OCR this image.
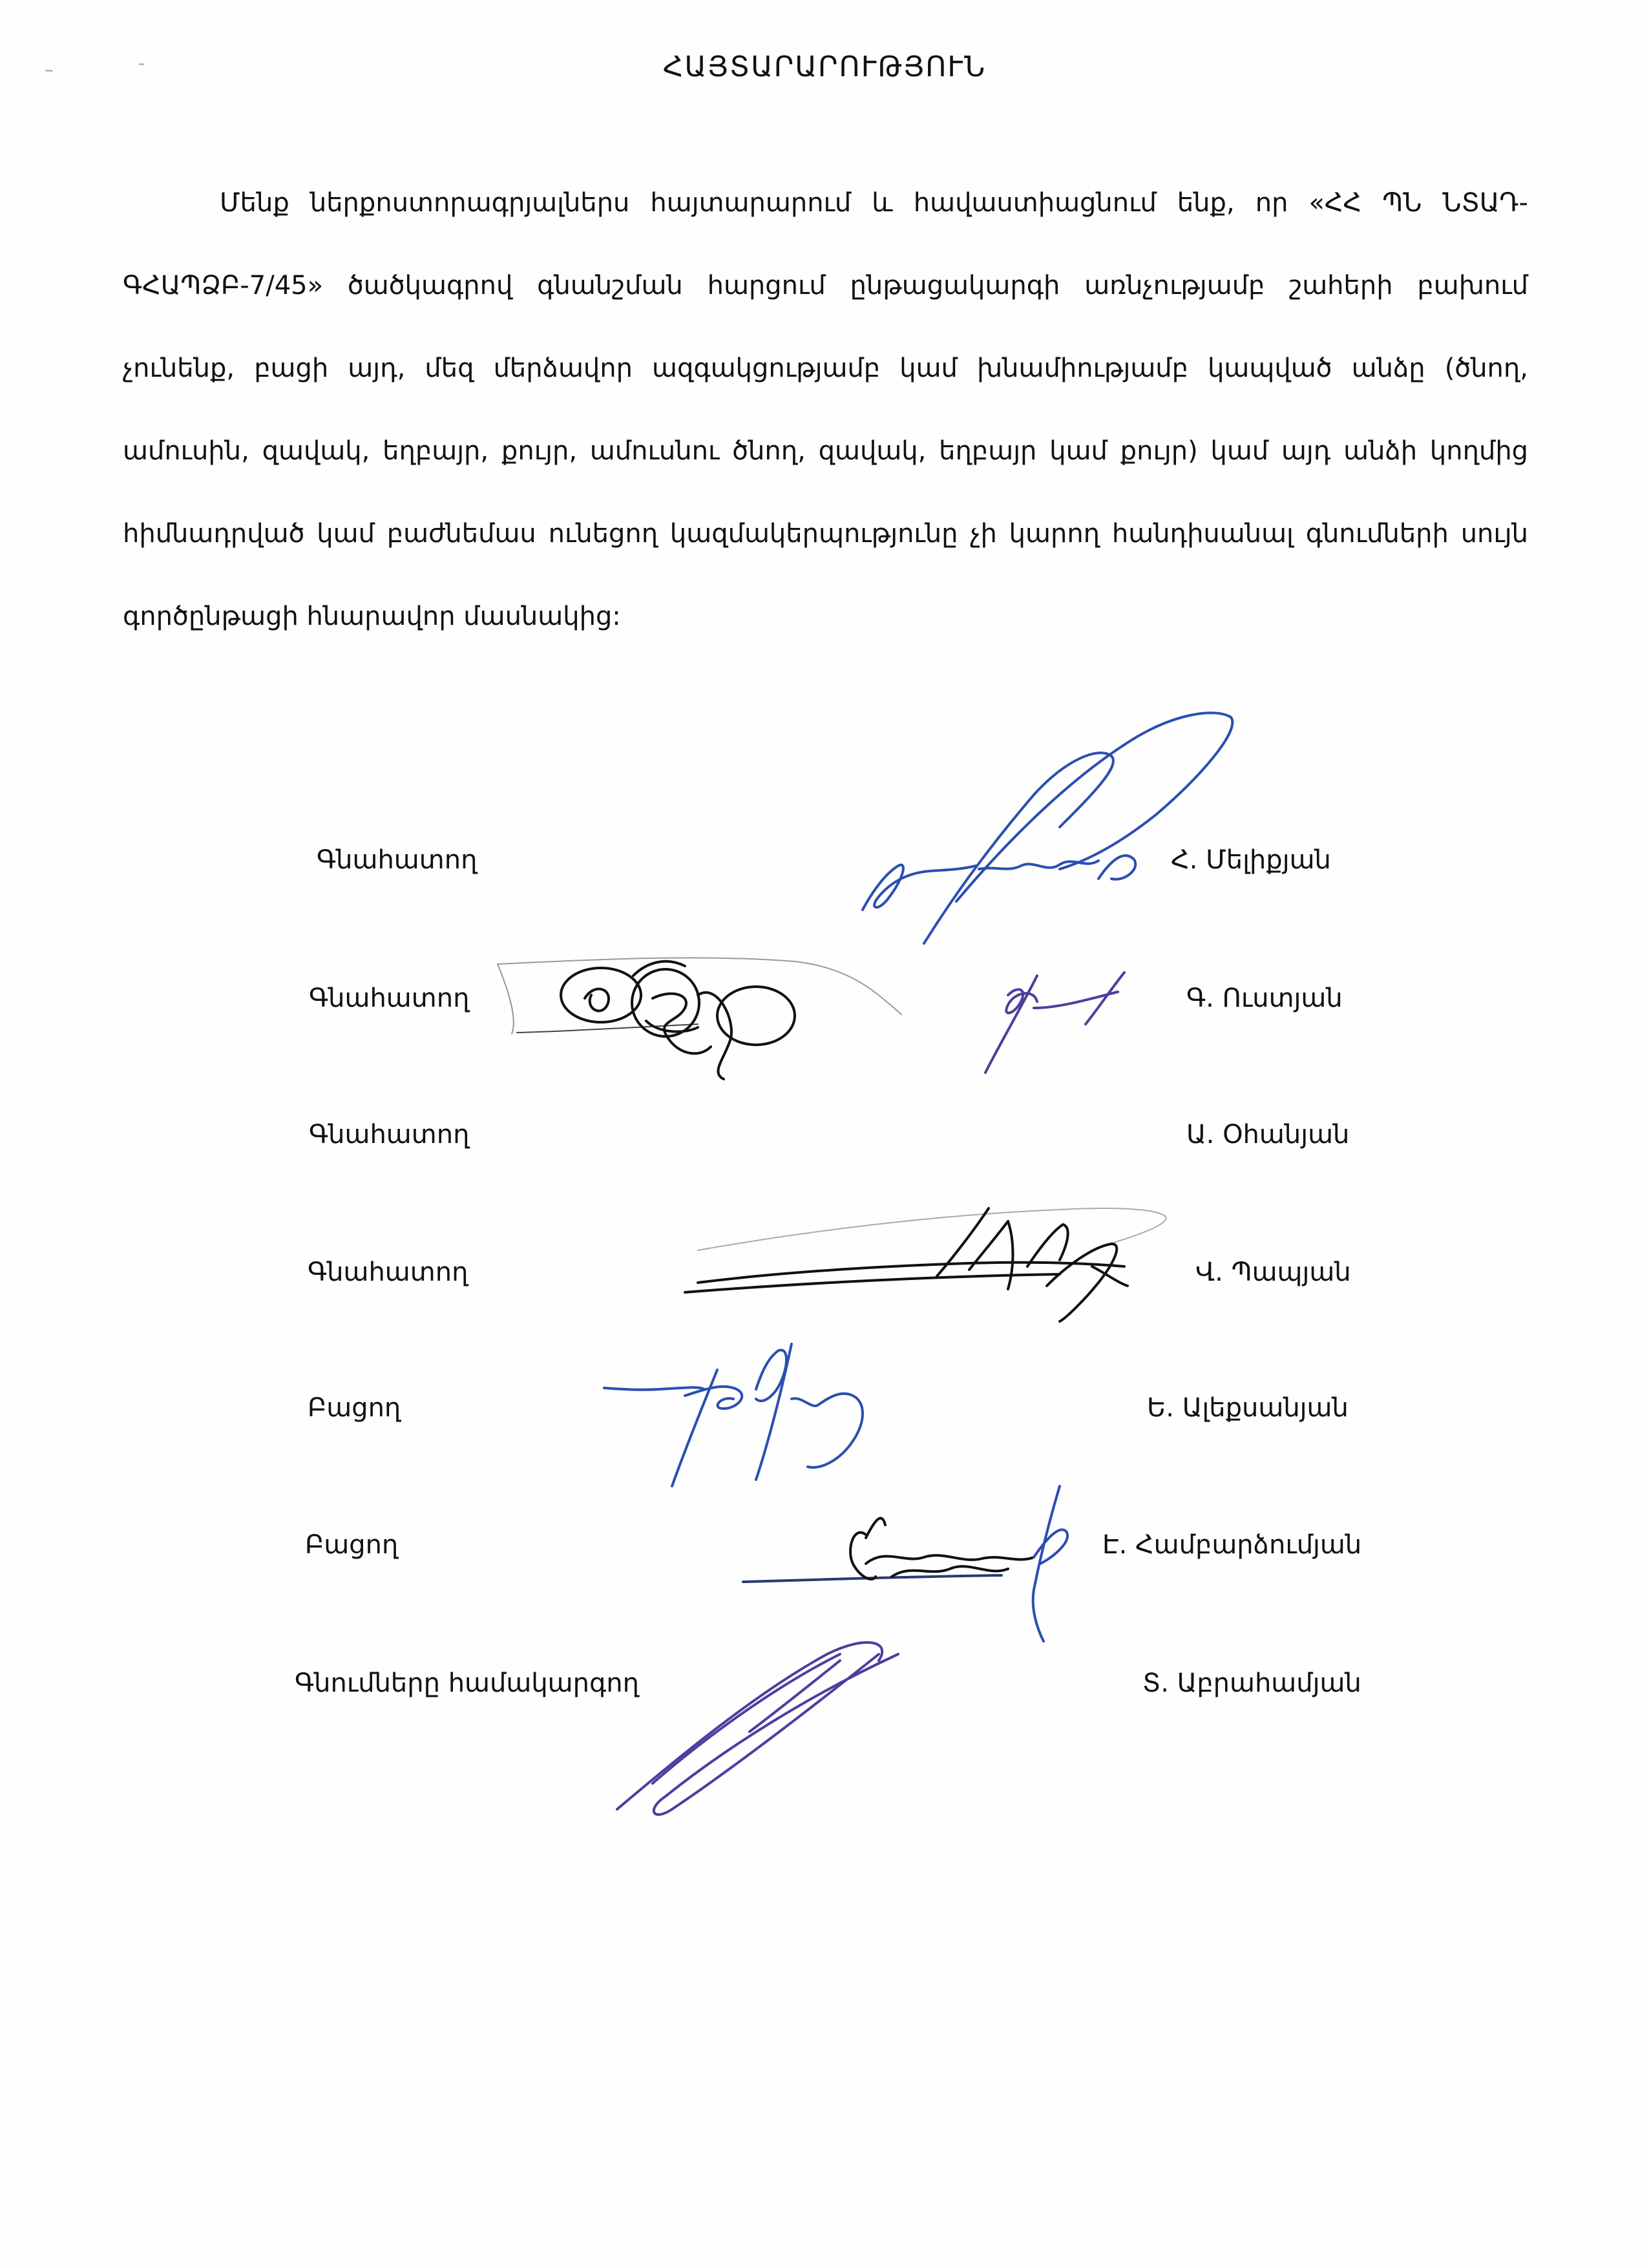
ՀԱՅՏԱՐԱՐՈՒԹՅՈՒՆ
Մենք ներքոստորագրյալներս հայտարարում և հավաստիացնում ենք, որ «ՀՀ ՊՆ ՆՏԱԴ-ԳՀԱՊՁԲ-7/45» ծածկագրով գնանշման հարցում ընթացակարգի առնչությամբ շահերի բախում չունենք, բացի այդ, մեզ մերձավոր ազգակցությամբ կամ խնամիությամբ կապված անձը (ծնող, ամուսին, զավակ, եղբայր, քույր, ամուսնու ծնող, զավակ, եղբայր կամ քույր) կամ այդ անձի կողմից հիմնադրված կամ բաժնեմաս ունեցող կազմակերպությունը չի կարող հանդիսանալ գնումների սույն գործընթացի հնարավոր մասնակից:
Գնահատող	Հ. Մելիքյան
Գնահատող	Գ. Ուստյան
Գնահատող	Ա. Օհանյան
Գնահատող	Վ. Պապյան
Բացող	Ե. Ալեքսանյան
Բացող	Է. Համբարձումյան
Գնումները համակարգող	Տ. Աբրահամյան
